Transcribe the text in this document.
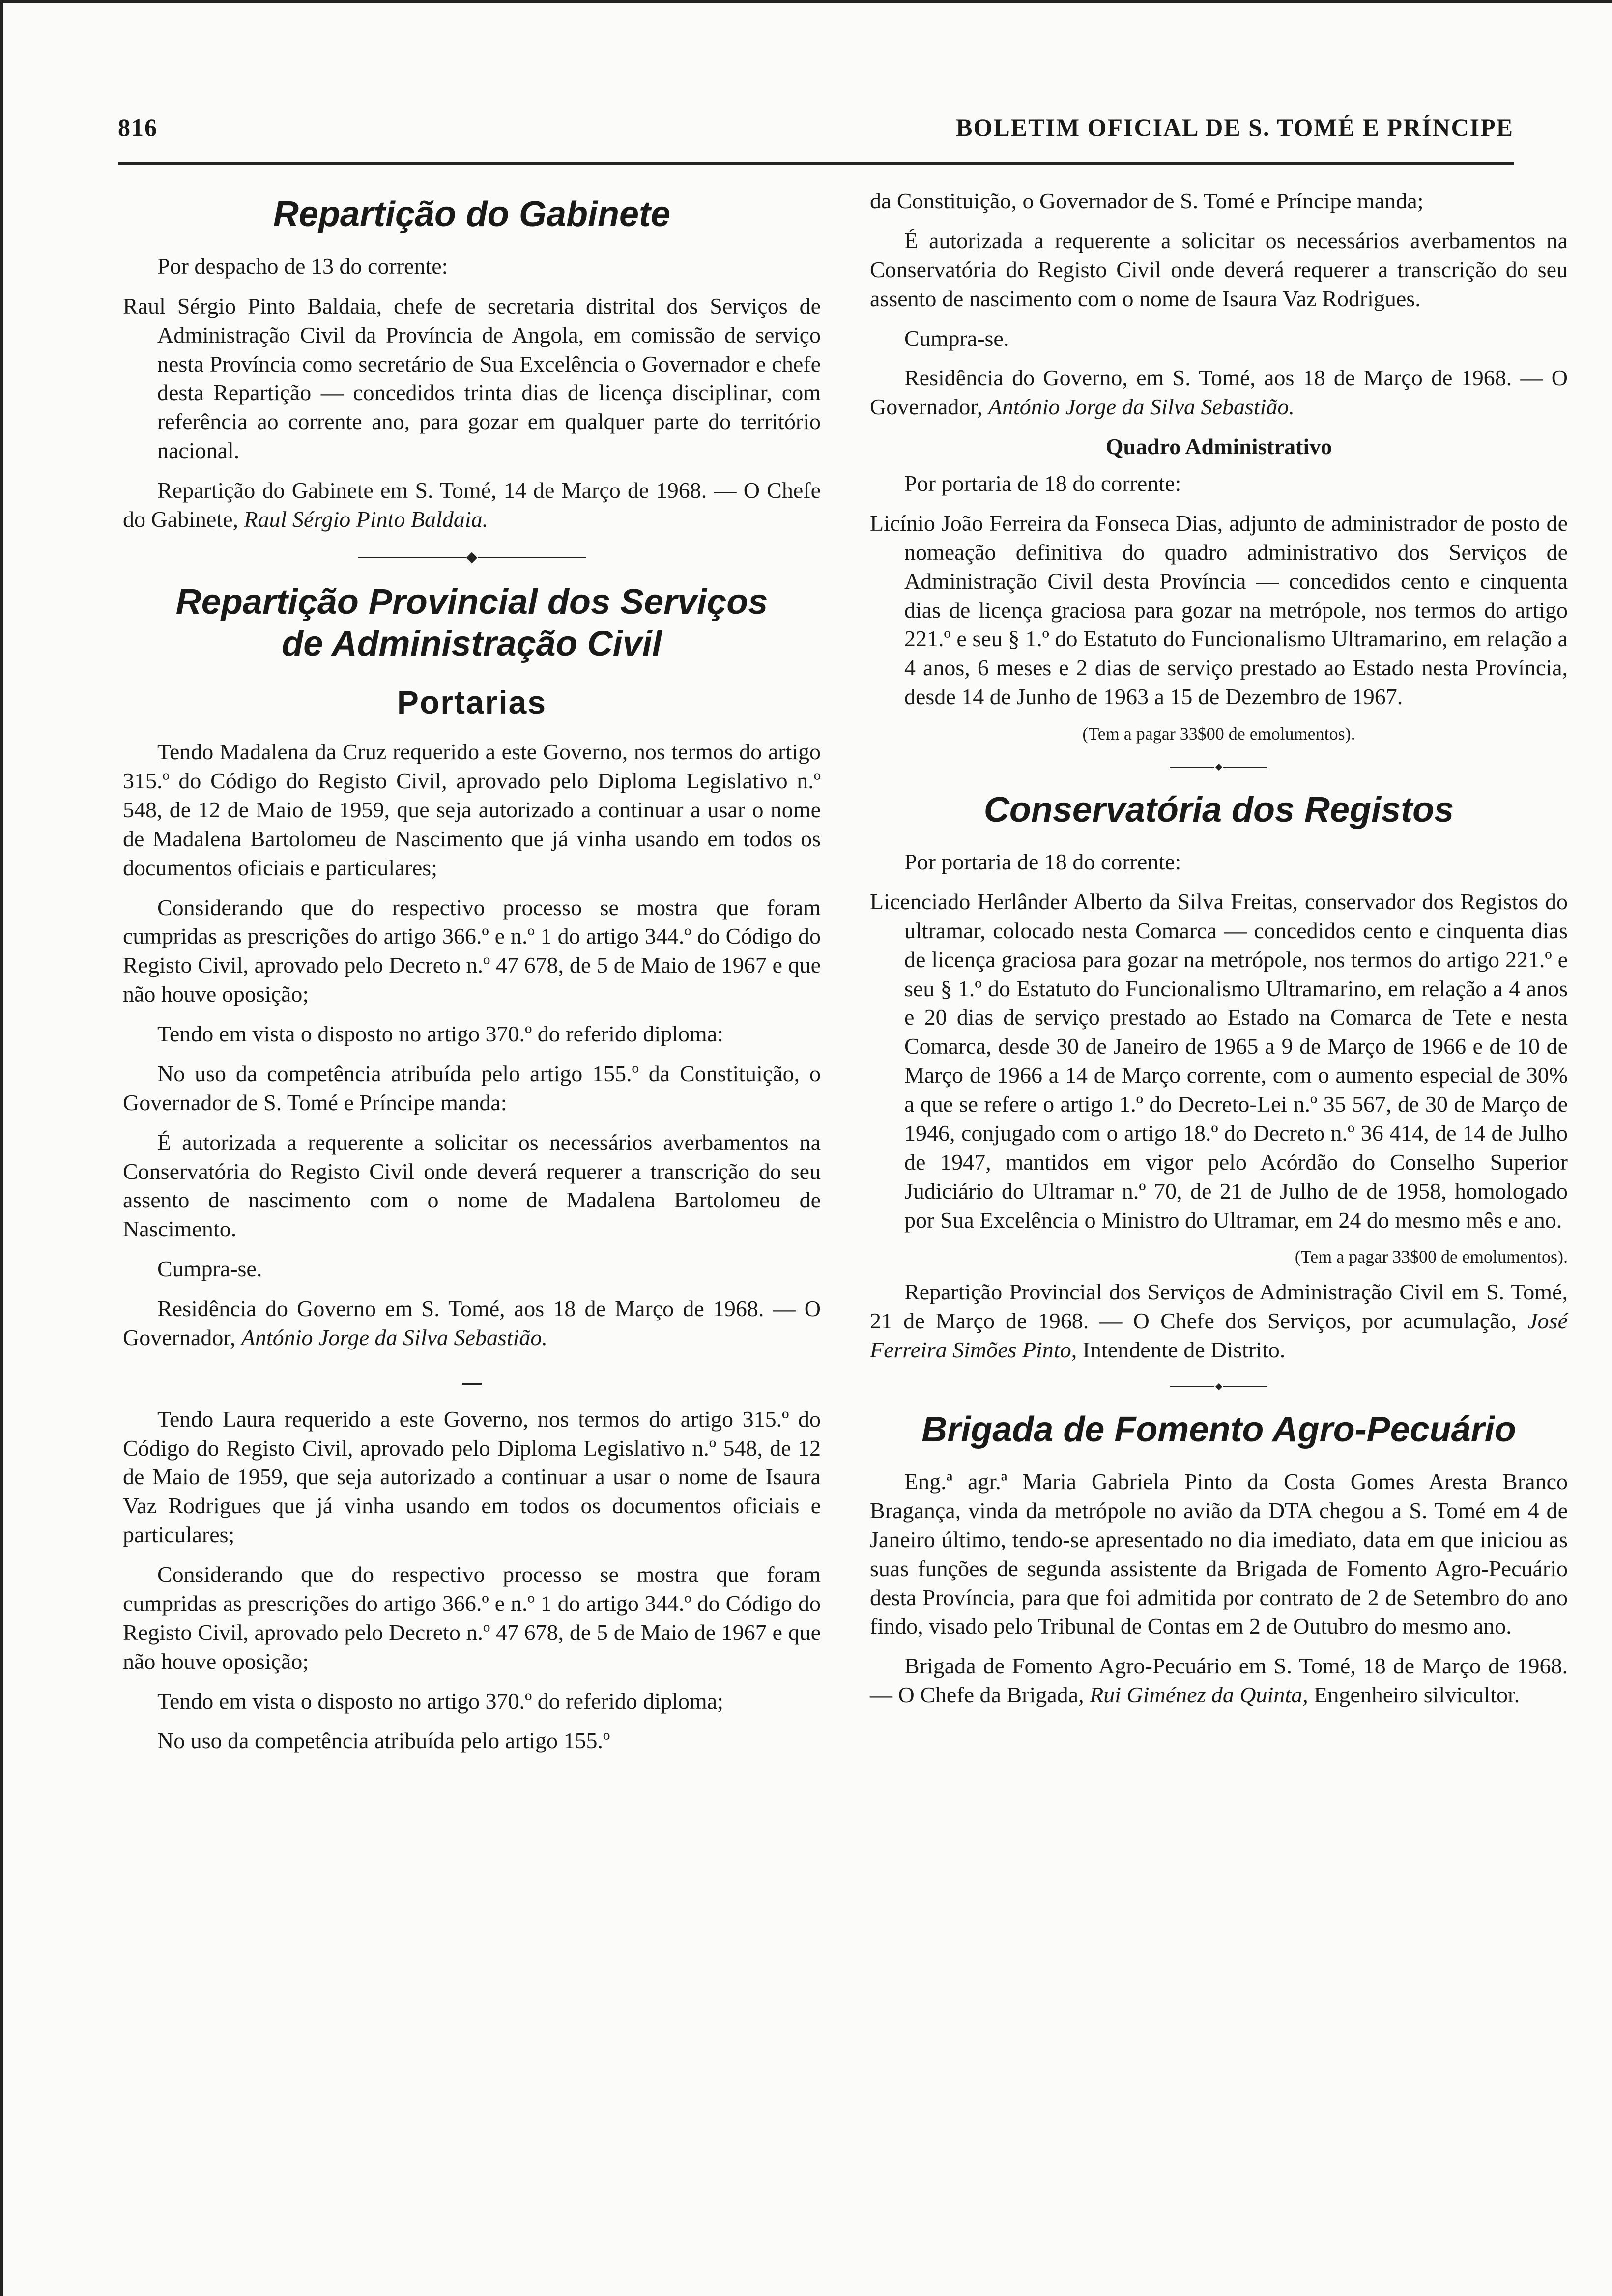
816	BOLETIM OFICIAL DE S. TOMÉ E PRÍNCIPE
Repartição do Gabinete

Por despacho de 13 do corrente:

Raul Sérgio Pinto Baldaia, chefe de secretaria distrital dos Serviços de Administração Civil da Província de Angola, em comissão de serviço nesta Província como secretário de Sua Excelência o Governador e chefe desta Repartição — concedidos trinta dias de licença disciplinar, com referência ao corrente ano, para gozar em qualquer parte do território nacional.

Repartição do Gabinete em S. Tomé, 14 de Março de 1968. — O Chefe do Gabinete, Raul Sérgio Pinto Baldaia.

Repartição Provincial dos Serviços
de Administração Civil
Portarias

Tendo Madalena da Cruz requerido a este Governo, nos termos do artigo 315.º do Código do Registo Civil, aprovado pelo Diploma Legislativo n.º 548, de 12 de Maio de 1959, que seja autorizado a continuar a usar o nome de Madalena Bartolomeu de Nascimento que já vinha usando em todos os documentos oficiais e particulares;

Considerando que do respectivo processo se mostra que foram cumpridas as prescrições do artigo 366.º e n.º 1 do artigo 344.º do Código do Registo Civil, aprovado pelo Decreto n.º 47 678, de 5 de Maio de 1967 e que não houve oposição;

Tendo em vista o disposto no artigo 370.º do referido diploma:

No uso da competência atribuída pelo artigo 155.º da Constituição, o Governador de S. Tomé e Príncipe manda:

É autorizada a requerente a solicitar os necessários averbamentos na Conservatória do Registo Civil onde deverá requerer a transcrição do seu assento de nascimento com o nome de Madalena Bartolomeu de Nascimento.

Cumpra-se.

Residência do Governo em S. Tomé, aos 18 de Março de 1968. — O Governador, António Jorge da Silva Sebastião.

Tendo Laura requerido a este Governo, nos termos do artigo 315.º do Código do Registo Civil, aprovado pelo Diploma Legislativo n.º 548, de 12 de Maio de 1959, que seja autorizado a continuar a usar o nome de Isaura Vaz Rodrigues que já vinha usando em todos os documentos oficiais e particulares;

Considerando que do respectivo processo se mostra que foram cumpridas as prescrições do artigo 366.º e n.º 1 do artigo 344.º do Código do Registo Civil, aprovado pelo Decreto n.º 47 678, de 5 de Maio de 1967 e que não houve oposição;

Tendo em vista o disposto no artigo 370.º do referido diploma;

No uso da competência atribuída pelo artigo 155.º

da Constituição, o Governador de S. Tomé e Príncipe manda;

É autorizada a requerente a solicitar os necessários averbamentos na Conservatória do Registo Civil onde deverá requerer a transcrição do seu assento de nascimento com o nome de Isaura Vaz Rodrigues.

Cumpra-se.

Residência do Governo, em S. Tomé, aos 18 de Março de 1968. — O Governador, António Jorge da Silva Sebastião.

Quadro Administrativo

Por portaria de 18 do corrente:

Licínio João Ferreira da Fonseca Dias, adjunto de administrador de posto de nomeação definitiva do quadro administrativo dos Serviços de Administração Civil desta Província — concedidos cento e cinquenta dias de licença graciosa para gozar na metrópole, nos termos do artigo 221.º e seu § 1.º do Estatuto do Funcionalismo Ultramarino, em relação a 4 anos, 6 meses e 2 dias de serviço prestado ao Estado nesta Província, desde 14 de Junho de 1963 a 15 de Dezembro de 1967.

(Tem a pagar 33$00 de emolumentos).
Conservatória dos Registos

Por portaria de 18 do corrente:

Licenciado Herlânder Alberto da Silva Freitas, conservador dos Registos do ultramar, colocado nesta Comarca — concedidos cento e cinquenta dias de licença graciosa para gozar na metrópole, nos termos do artigo 221.º e seu § 1.º do Estatuto do Funcionalismo Ultramarino, em relação a 4 anos e 20 dias de serviço prestado ao Estado na Comarca de Tete e nesta Comarca, desde 30 de Janeiro de 1965 a 9 de Março de 1966 e de 10 de Março de 1966 a 14 de Março corrente, com o aumento especial de 30% a que se refere o artigo 1.º do Decreto-Lei n.º 35 567, de 30 de Março de 1946, conjugado com o artigo 18.º do Decreto n.º 36 414, de 14 de Julho de 1947, mantidos em vigor pelo Acórdão do Conselho Superior Judiciário do Ultramar n.º 70, de 21 de Julho de de 1958, homologado por Sua Excelência o Ministro do Ultramar, em 24 do mesmo mês e ano.

(Tem a pagar 33$00 de emolumentos).

Repartição Provincial dos Serviços de Administração Civil em S. Tomé, 21 de Março de 1968. — O Chefe dos Serviços, por acumulação, José Ferreira Simões Pinto, Intendente de Distrito.

Brigada de Fomento Agro-Pecuário

Eng.ª agr.ª Maria Gabriela Pinto da Costa Gomes Aresta Branco Bragança, vinda da metrópole no avião da DTA chegou a S. Tomé em 4 de Janeiro último, tendo-se apresentado no dia imediato, data em que iniciou as suas funções de segunda assistente da Brigada de Fomento Agro-Pecuário desta Província, para que foi admitida por contrato de 2 de Setembro do ano findo, visado pelo Tribunal de Contas em 2 de Outubro do mesmo ano.

Brigada de Fomento Agro-Pecuário em S. Tomé, 18 de Março de 1968. — O Chefe da Brigada, Rui Giménez da Quinta, Engenheiro silvicultor.
